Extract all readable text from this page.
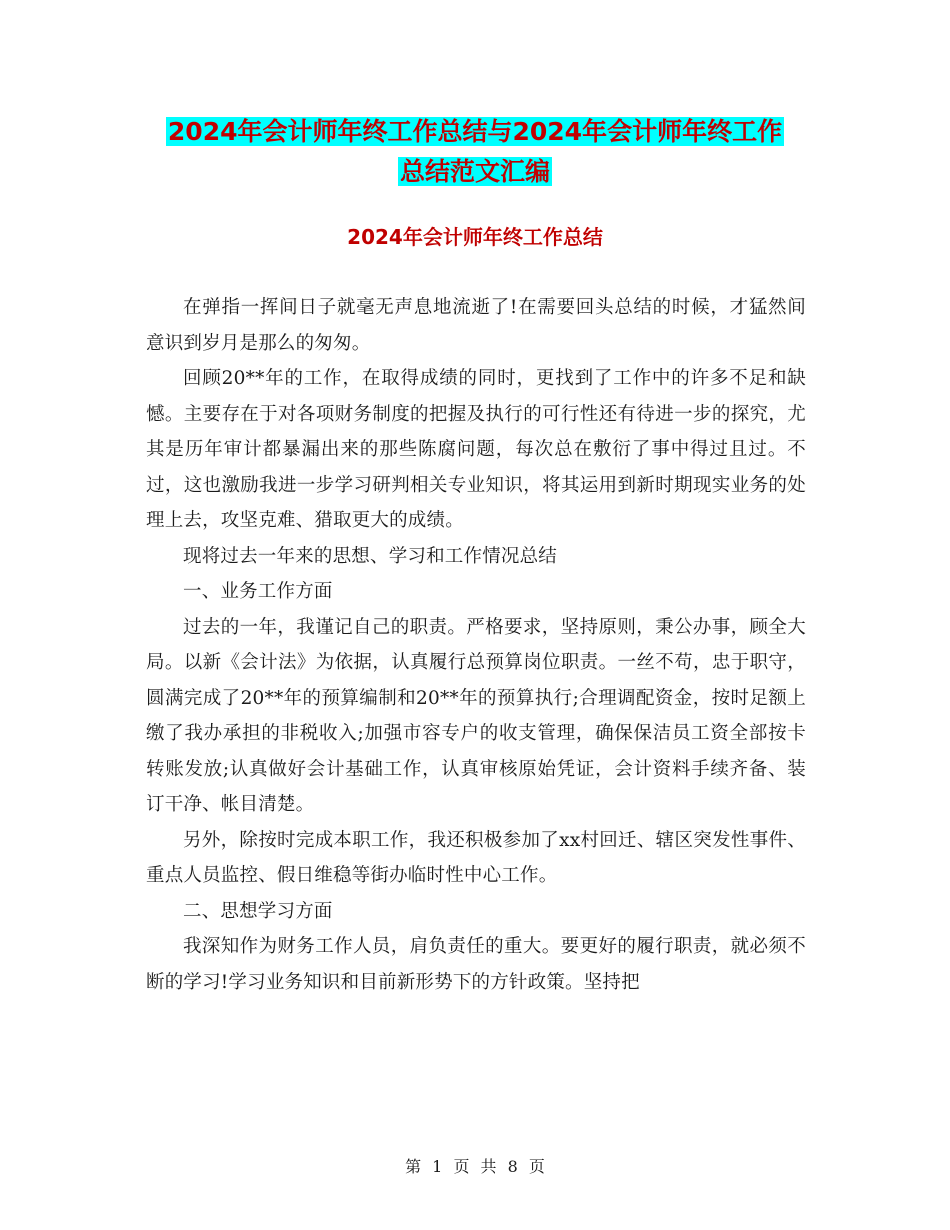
2024年会计师年终工作总结与2024年会计师年终工作
总结范文汇编
2024年会计师年终工作总结

在弹指一挥间日子就毫无声息地流逝了!在需要回头总结的时候，才猛然间意识到岁月是那么的匆匆。

回顾20**年的工作，在取得成绩的同时，更找到了工作中的许多不足和缺憾。主要存在于对各项财务制度的把握及执行的可行性还有待进一步的探究，尤其是历年审计都暴漏出来的那些陈腐问题，每次总在敷衍了事中得过且过。不过，这也激励我进一步学习研判相关专业知识，将其运用到新时期现实业务的处理上去，攻坚克难、猎取更大的成绩。

现将过去一年来的思想、学习和工作情况总结

一、业务工作方面

过去的一年，我谨记自己的职责。严格要求，坚持原则，秉公办事，顾全大局。以新《会计法》为依据，认真履行总预算岗位职责。一丝不苟，忠于职守，圆满完成了20**年的预算编制和20**年的预算执行;合理调配资金，按时足额上缴了我办承担的非税收入;加强市容专户的收支管理，确保保洁员工资全部按卡转账发放;认真做好会计基础工作，认真审核原始凭证，会计资料手续齐备、装订干净、帐目清楚。

另外，除按时完成本职工作，我还积极参加了xx村回迁、辖区突发性事件、重点人员监控、假日维稳等街办临时性中心工作。

二、思想学习方面

我深知作为财务工作人员，肩负责任的重大。要更好的履行职责，就必须不断的学习!学习业务知识和目前新形势下的方针政策。坚持把

第 1 页 共 8 页
